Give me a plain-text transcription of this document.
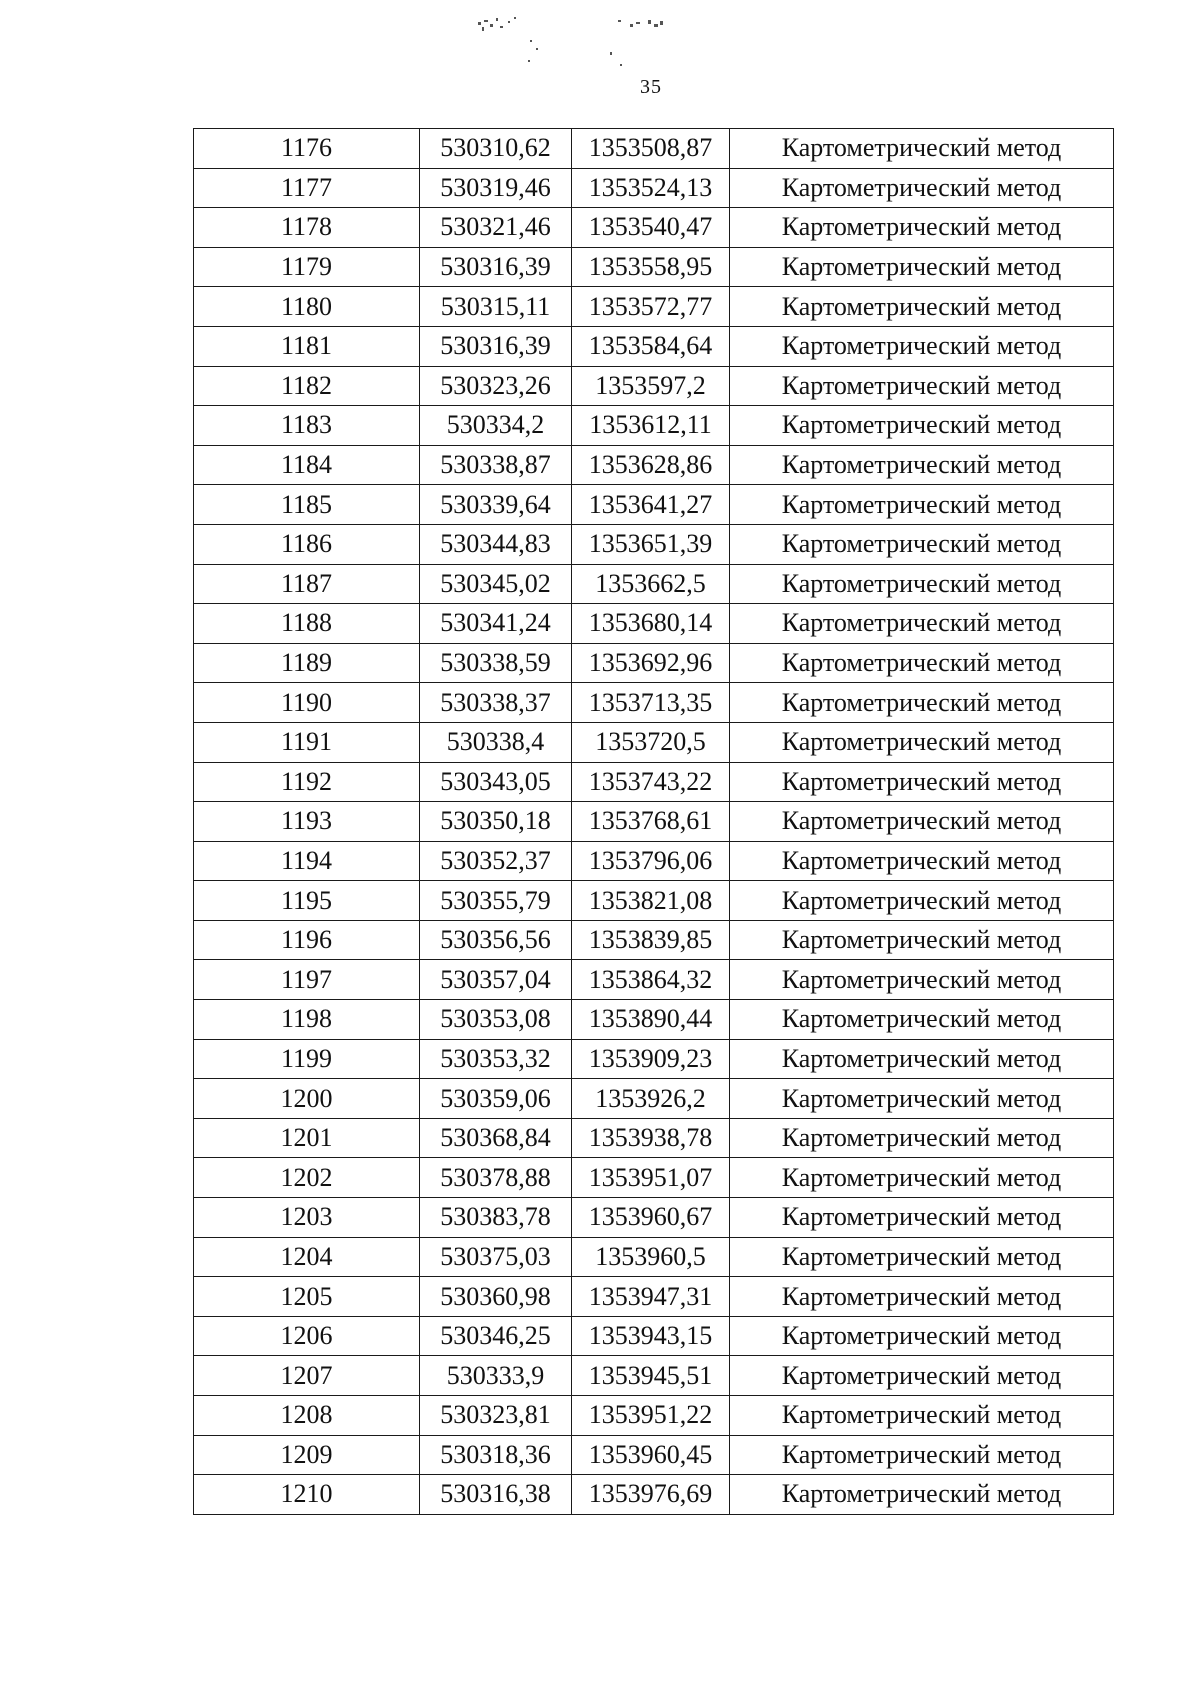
35
1176	530310,62	1353508,87	Картометрический метод
1177	530319,46	1353524,13	Картометрический метод
1178	530321,46	1353540,47	Картометрический метод
1179	530316,39	1353558,95	Картометрический метод
1180	530315,11	1353572,77	Картометрический метод
1181	530316,39	1353584,64	Картометрический метод
1182	530323,26	1353597,2	Картометрический метод
1183	530334,2	1353612,11	Картометрический метод
1184	530338,87	1353628,86	Картометрический метод
1185	530339,64	1353641,27	Картометрический метод
1186	530344,83	1353651,39	Картометрический метод
1187	530345,02	1353662,5	Картометрический метод
1188	530341,24	1353680,14	Картометрический метод
1189	530338,59	1353692,96	Картометрический метод
1190	530338,37	1353713,35	Картометрический метод
1191	530338,4	1353720,5	Картометрический метод
1192	530343,05	1353743,22	Картометрический метод
1193	530350,18	1353768,61	Картометрический метод
1194	530352,37	1353796,06	Картометрический метод
1195	530355,79	1353821,08	Картометрический метод
1196	530356,56	1353839,85	Картометрический метод
1197	530357,04	1353864,32	Картометрический метод
1198	530353,08	1353890,44	Картометрический метод
1199	530353,32	1353909,23	Картометрический метод
1200	530359,06	1353926,2	Картометрический метод
1201	530368,84	1353938,78	Картометрический метод
1202	530378,88	1353951,07	Картометрический метод
1203	530383,78	1353960,67	Картометрический метод
1204	530375,03	1353960,5	Картометрический метод
1205	530360,98	1353947,31	Картометрический метод
1206	530346,25	1353943,15	Картометрический метод
1207	530333,9	1353945,51	Картометрический метод
1208	530323,81	1353951,22	Картометрический метод
1209	530318,36	1353960,45	Картометрический метод
1210	530316,38	1353976,69	Картометрический метод
